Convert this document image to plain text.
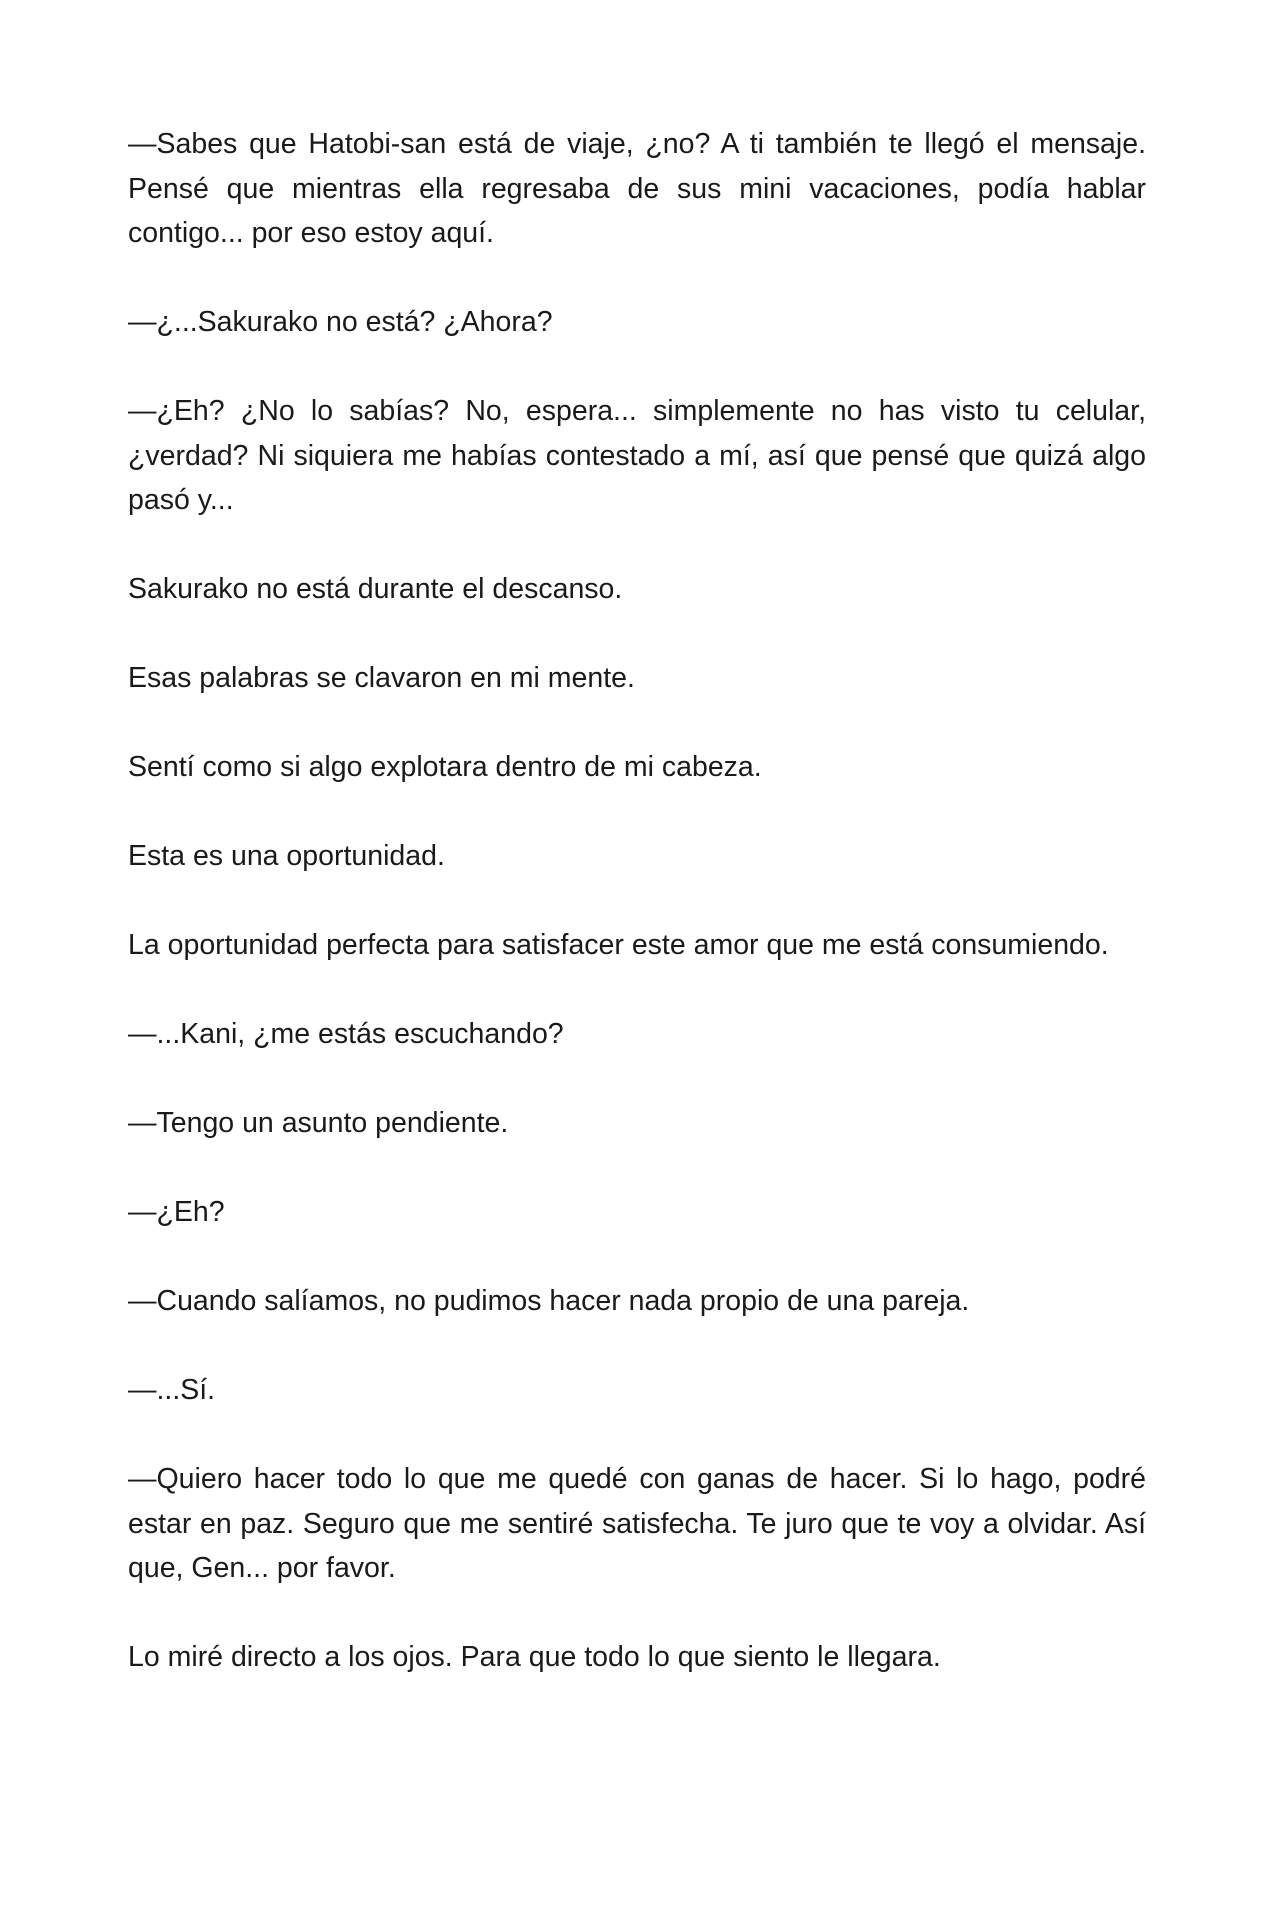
—Sabes que Hatobi-san está de viaje, ¿no? A ti también te llegó el mensaje. Pensé que mientras ella regresaba de sus mini vacaciones, podía hablar contigo... por eso estoy aquí.

—¿...Sakurako no está? ¿Ahora?

—¿Eh? ¿No lo sabías? No, espera... simplemente no has visto tu celular, ¿verdad? Ni siquiera me habías contestado a mí, así que pensé que quizá algo pasó y...

Sakurako no está durante el descanso.

Esas palabras se clavaron en mi mente.

Sentí como si algo explotara dentro de mi cabeza.

Esta es una oportunidad.

La oportunidad perfecta para satisfacer este amor que me está consumiendo.

—...Kani, ¿me estás escuchando?

—Tengo un asunto pendiente.

—¿Eh?

—Cuando salíamos, no pudimos hacer nada propio de una pareja.

—...Sí.

—Quiero hacer todo lo que me quedé con ganas de hacer. Si lo hago, podré estar en paz. Seguro que me sentiré satisfecha. Te juro que te voy a olvidar. Así que, Gen... por favor.

Lo miré directo a los ojos. Para que todo lo que siento le llegara.
